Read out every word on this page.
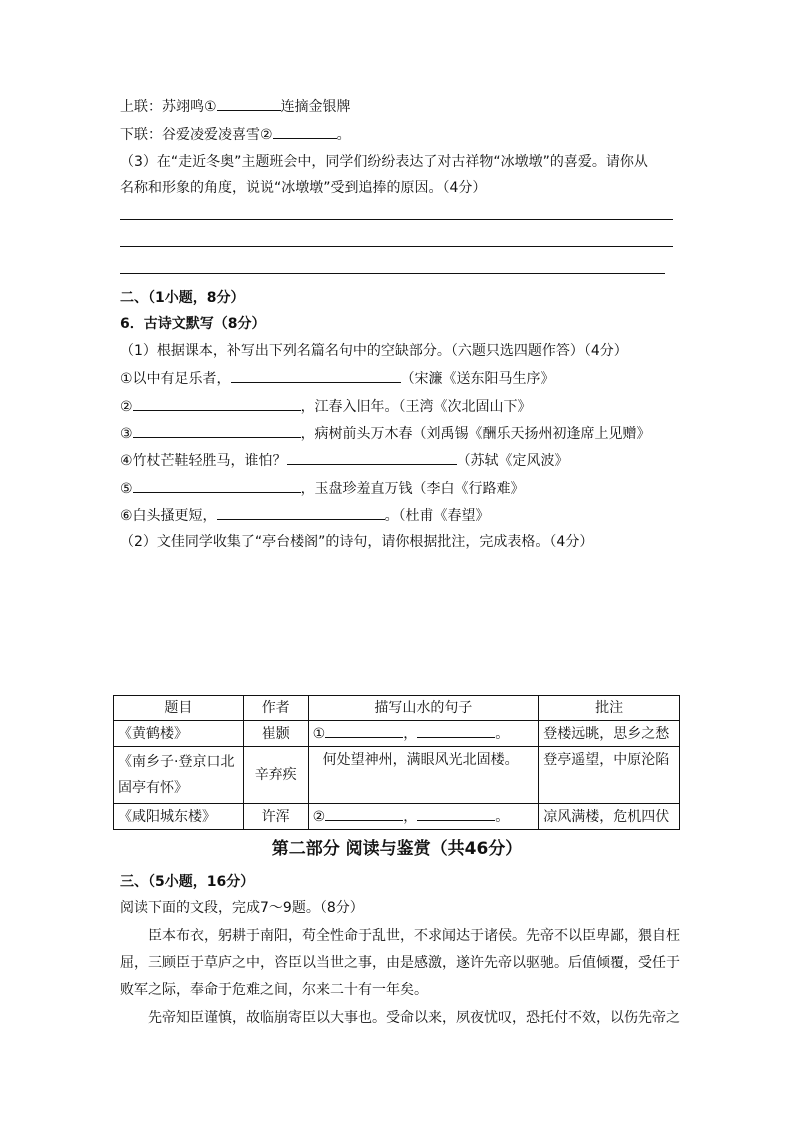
上联：苏翊鸣①	连摘金银牌
下联：谷爱凌爱凌喜雪②	。
（3）在“走近冬奥”主题班会中，同学们纷纷表达了对古祥物“冰墩墩”的喜爱。请你从
名称和形象的角度，说说“冰墩墩”受到追捧的原因。（4分）
二、（1小题，8分）
6．古诗文默写（8分）
（1）根据课本，补写出下列名篇名句中的空缺部分。（六题只选四题作答）（4分）
①以中有足乐者，	（宋濂《送东阳马生序》
②	，江春入旧年。（王湾《次北固山下》
③	，病树前头万木春（刘禹锡《酬乐天扬州初逢席上见赠》
④竹杖芒鞋轻胜马，谁怕？	（苏轼《定风波》
⑤	，玉盘珍羞直万钱（李白《行路难》
⑥白头搔更短，	。（杜甫《春望》
（2）文佳同学收集了“亭台楼阁”的诗句，请你根据批注，完成表格。（4分）
题目	作者	描写山水的句子	批注
《黄鹤楼》	崔颢	① ， 。	登楼远眺，思乡之愁
《南乡子·登京口北固亭有怀》	辛弃疾	何处望神州，满眼风光北固楼。	登亭遥望，中原沦陷
《咸阳城东楼》	许浑	② ， 。	凉风满楼，危机四伏
第二部分 阅读与鉴赏（共46分）
三、（5小题，16分）
阅读下面的文段，完成7～9题。（8分）
臣本布衣，躬耕于南阳，苟全性命于乱世，不求闻达于诸侯。先帝不以臣卑鄙，猥自枉
屈，三顾臣于草庐之中，咨臣以当世之事，由是感激，遂许先帝以驱驰。后值倾覆，受任于
败军之际，奉命于危难之间，尔来二十有一年矣。
先帝知臣谨慎，故临崩寄臣以大事也。受命以来，夙夜忧叹，恐托付不效，以伤先帝之
